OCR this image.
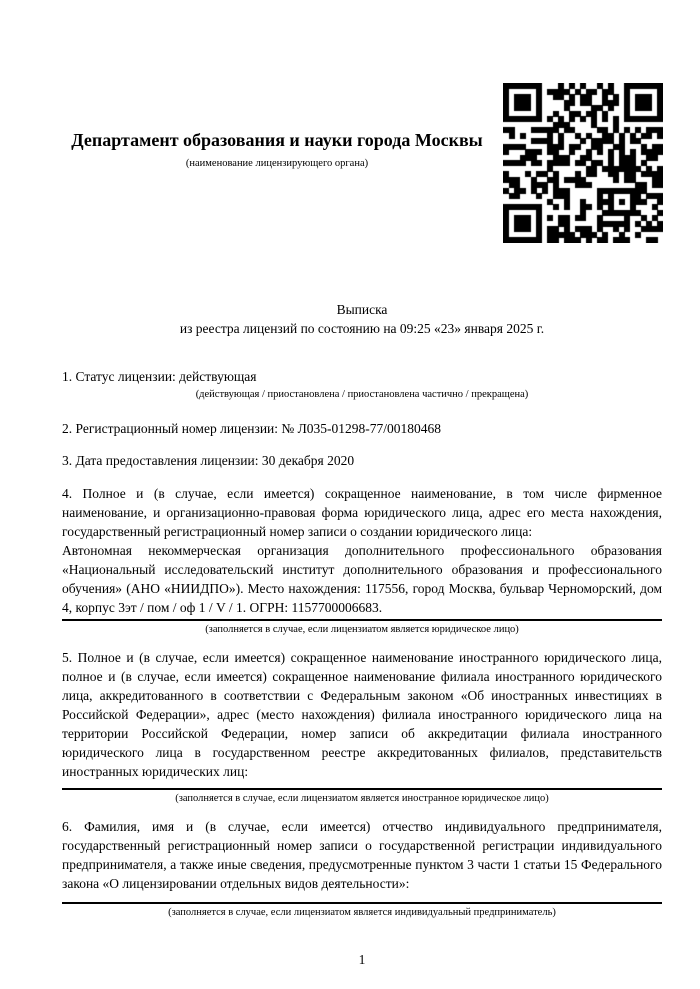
Департамент образования и науки города Москвы
(наименование лицензирующего органа)
Выписка
из реестра лицензий по состоянию на 09:25 «23» января 2025 г.
1. Статус лицензии: действующая
(действующая / приостановлена / приостановлена частично / прекращена)
2. Регистрационный номер лицензии: № Л035-01298-77/00180468
3. Дата предоставления лицензии: 30 декабря 2020
4. Полное и (в случае, если имеется) сокращенное наименование, в том числе фирменное наименование, и организационно-правовая форма юридического лица, адрес его места нахождения, государственный регистрационный номер записи о создании юридического лица:
Автономная некоммерческая организация дополнительного профессионального образования «Национальный исследовательский институт дополнительного образования и профессионального обучения» (АНО «НИИДПО»). Место нахождения: 117556, город Москва, бульвар Черноморский, дом 4, корпус 3эт / пом / оф 1 / V / 1. ОГРН: 1157700006683.
(заполняется в случае, если лицензиатом является юридическое лицо)
5. Полное и (в случае, если имеется) сокращенное наименование иностранного юридического лица, полное и (в случае, если имеется) сокращенное наименование филиала иностранного юридического лица, аккредитованного в соответствии с Федеральным законом «Об иностранных инвестициях в Российской Федерации», адрес (место нахождения) филиала иностранного юридического лица на территории Российской Федерации, номер записи об аккредитации филиала иностранного юридического лица в государственном реестре аккредитованных филиалов, представительств иностранных юридических лиц:
(заполняется в случае, если лицензиатом является иностранное юридическое лицо)
6. Фамилия, имя и (в случае, если имеется) отчество индивидуального предпринимателя, государственный регистрационный номер записи о государственной регистрации индивидуального предпринимателя, а также иные сведения, предусмотренные пунктом 3 части 1 статьи 15 Федерального закона «О лицензировании отдельных видов деятельности»:
(заполняется в случае, если лицензиатом является индивидуальный предприниматель)
1
